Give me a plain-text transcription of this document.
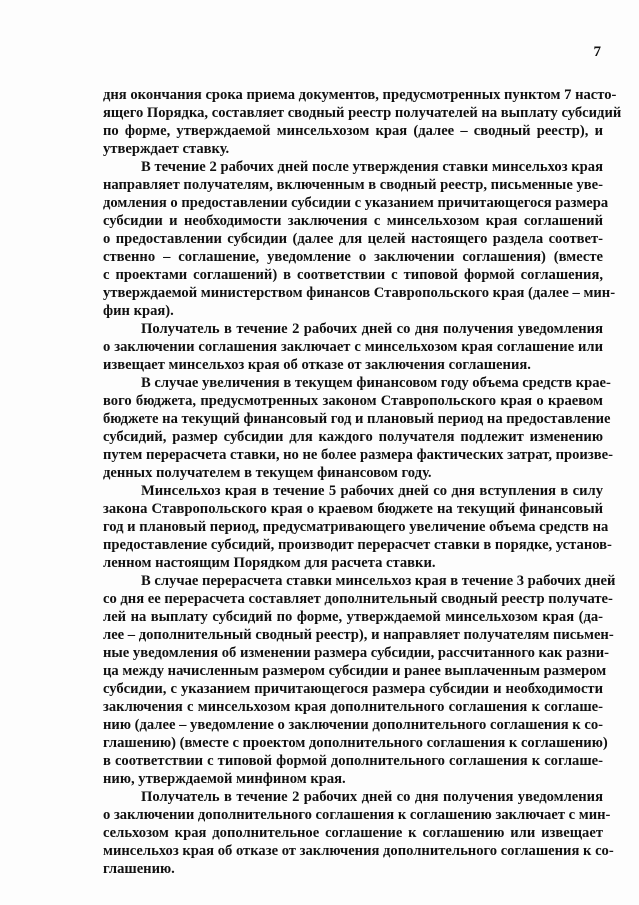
7
дня окончания срока приема документов, предусмотренных пунктом 7 насто-
ящего Порядка, составляет сводный реестр получателей на выплату субсидий
по форме, утверждаемой минсельхозом края (далее – сводный реестр), и
утверждает ставку.
В течение 2 рабочих дней после утверждения ставки минсельхоз края
направляет получателям, включенным в сводный реестр, письменные уве-
домления о предоставлении субсидии с указанием причитающегося размера
субсидии и необходимости заключения с минсельхозом края соглашений
о предоставлении субсидии (далее для целей настоящего раздела соответ-
ственно – соглашение, уведомление о заключении соглашения) (вместе
с проектами соглашений) в соответствии с типовой формой соглашения,
утверждаемой министерством финансов Ставропольского края (далее – мин-
фин края).
Получатель в течение 2 рабочих дней со дня получения уведомления
о заключении соглашения заключает с минсельхозом края соглашение или
извещает минсельхоз края об отказе от заключения соглашения.
В случае увеличения в текущем финансовом году объема средств крае-
вого бюджета, предусмотренных законом Ставропольского края о краевом
бюджете на текущий финансовый год и плановый период на предоставление
субсидий, размер субсидии для каждого получателя подлежит изменению
путем перерасчета ставки, но не более размера фактических затрат, произве-
денных получателем в текущем финансовом году.
Минсельхоз края в течение 5 рабочих дней со дня вступления в силу
закона Ставропольского края о краевом бюджете на текущий финансовый
год и плановый период, предусматривающего увеличение объема средств на
предоставление субсидий, производит перерасчет ставки в порядке, установ-
ленном настоящим Порядком для расчета ставки.
В случае перерасчета ставки минсельхоз края в течение 3 рабочих дней
со дня ее перерасчета составляет дополнительный сводный реестр получате-
лей на выплату субсидий по форме, утверждаемой минсельхозом края (да-
лее – дополнительный сводный реестр), и направляет получателям письмен-
ные уведомления об изменении размера субсидии, рассчитанного как разни-
ца между начисленным размером субсидии и ранее выплаченным размером
субсидии, с указанием причитающегося размера субсидии и необходимости
заключения с минсельхозом края дополнительного соглашения к соглаше-
нию (далее – уведомление о заключении дополнительного соглашения к со-
глашению) (вместе с проектом дополнительного соглашения к соглашению)
в соответствии с типовой формой дополнительного соглашения к соглаше-
нию, утверждаемой минфином края.
Получатель в течение 2 рабочих дней со дня получения уведомления
о заключении дополнительного соглашения к соглашению заключает с мин-
сельхозом края дополнительное соглашение к соглашению или извещает
минсельхоз края об отказе от заключения дополнительного соглашения к со-
глашению.
